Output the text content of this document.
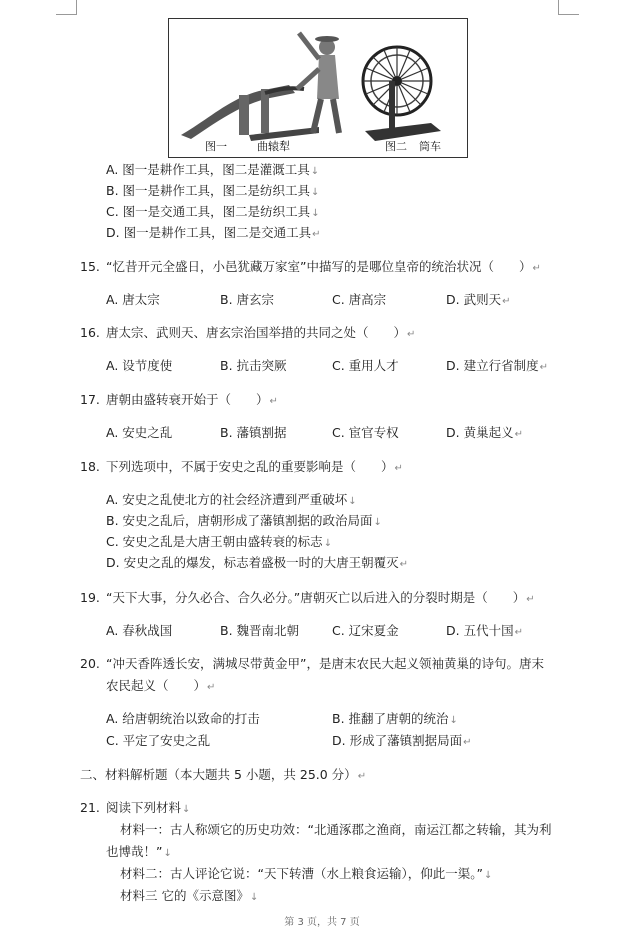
图一	曲辕犁	图二 筒车
A. 图一是耕作工具，图二是灌溉工具↓
B. 图一是耕作工具，图二是纺织工具↓
C. 图一是交通工具，图二是纺织工具↓
D. 图一是耕作工具，图二是交通工具↵
15. “忆昔开元全盛日，小邑犹藏万家室”中描写的是哪位皇帝的统治状况（　　）↵
A. 唐太宗	B. 唐玄宗	C. 唐高宗	D. 武则天↵
16. 唐太宗、武则天、唐玄宗治国举措的共同之处（　　）↵
A. 设节度使	B. 抗击突厥	C. 重用人才	D. 建立行省制度↵
17. 唐朝由盛转衰开始于（　　）↵
A. 安史之乱	B. 藩镇割据	C. 宦官专权	D. 黄巢起义↵
18. 下列选项中，不属于安史之乱的重要影响是（　　）↵
A. 安史之乱使北方的社会经济遭到严重破坏↓
B. 安史之乱后，唐朝形成了藩镇割据的政治局面↓
C. 安史之乱是大唐王朝由盛转衰的标志↓
D. 安史之乱的爆发，标志着盛极一时的大唐王朝覆灭↵
19. “天下大事，分久必合、合久必分。”唐朝灭亡以后进入的分裂时期是（　　）↵
A. 春秋战国	B. 魏晋南北朝	C. 辽宋夏金	D. 五代十国↵
20. “冲天香阵透长安，满城尽带黄金甲”，是唐末农民大起义领袖黄巢的诗句。唐末
农民起义（　　）↵
A. 给唐朝统治以致命的打击	B. 推翻了唐朝的统治↓
C. 平定了安史之乱	D. 形成了藩镇割据局面↵
二、材料解析题（本大题共 5 小题，共 25.0 分）↵
21. 阅读下列材料↓
材料一：古人称颂它的历史功效：“北通涿郡之渔商，南运江都之转输，其为利
也博哉！”↓
材料二：古人评论它说：“天下转漕（水上粮食运输），仰此一渠。”↓
材料三 它的《示意图》↓
第 3 页，共 7 页
